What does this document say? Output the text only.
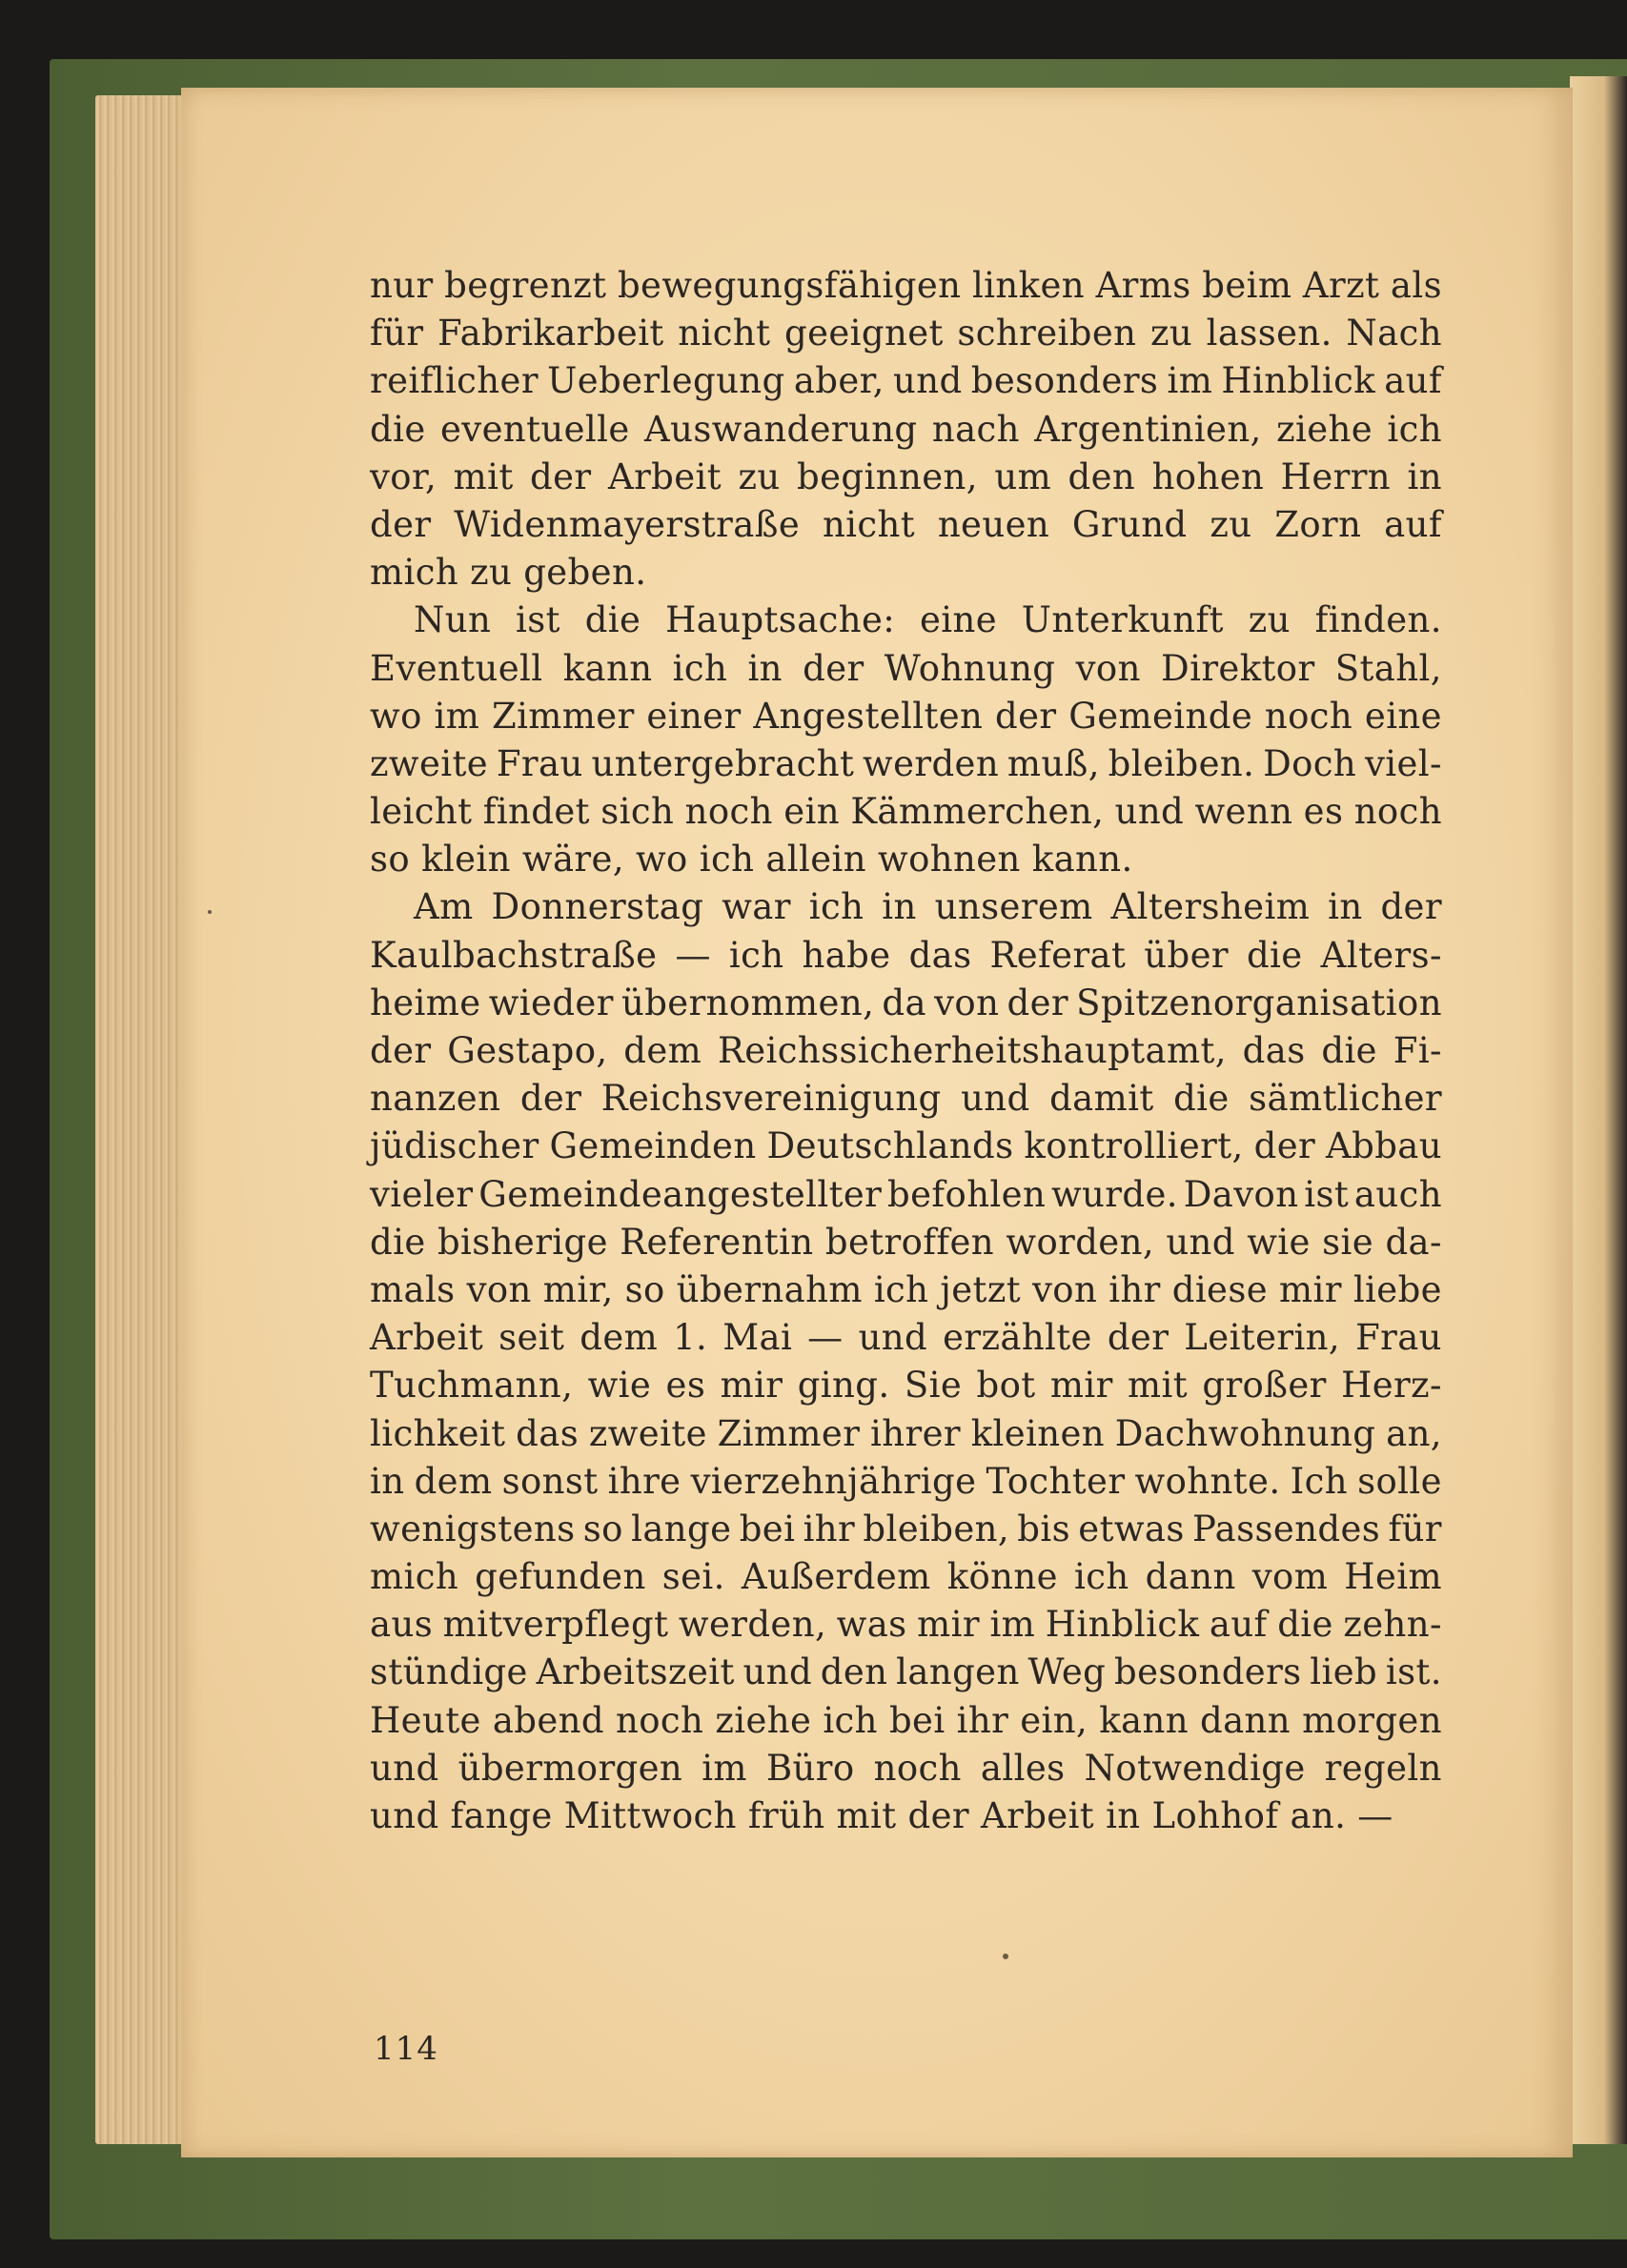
nur begrenzt bewegungsfähigen linken Arms beim Arzt als
für Fabrikarbeit nicht geeignet schreiben zu lassen. Nach
reiflicher Ueberlegung aber, und besonders im Hinblick auf
die eventuelle Auswanderung nach Argentinien, ziehe ich
vor, mit der Arbeit zu beginnen, um den hohen Herrn in
der Widenmayerstraße nicht neuen Grund zu Zorn auf
mich zu geben.
Nun ist die Hauptsache: eine Unterkunft zu finden.
Eventuell kann ich in der Wohnung von Direktor Stahl,
wo im Zimmer einer Angestellten der Gemeinde noch eine
zweite Frau untergebracht werden muß, bleiben. Doch viel-
leicht findet sich noch ein Kämmerchen, und wenn es noch
so klein wäre, wo ich allein wohnen kann.
Am Donnerstag war ich in unserem Altersheim in der
Kaulbachstraße — ich habe das Referat über die Alters-
heime wieder übernommen, da von der Spitzenorganisation
der Gestapo, dem Reichssicherheitshauptamt, das die Fi-
nanzen der Reichsvereinigung und damit die sämtlicher
jüdischer Gemeinden Deutschlands kontrolliert, der Abbau
vieler Gemeindeangestellter befohlen wurde. Davon ist auch
die bisherige Referentin betroffen worden, und wie sie da-
mals von mir, so übernahm ich jetzt von ihr diese mir liebe
Arbeit seit dem 1. Mai — und erzählte der Leiterin, Frau
Tuchmann, wie es mir ging. Sie bot mir mit großer Herz-
lichkeit das zweite Zimmer ihrer kleinen Dachwohnung an,
in dem sonst ihre vierzehnjährige Tochter wohnte. Ich solle
wenigstens so lange bei ihr bleiben, bis etwas Passendes für
mich gefunden sei. Außerdem könne ich dann vom Heim
aus mitverpflegt werden, was mir im Hinblick auf die zehn-
stündige Arbeitszeit und den langen Weg besonders lieb ist.
Heute abend noch ziehe ich bei ihr ein, kann dann morgen
und übermorgen im Büro noch alles Notwendige regeln
und fange Mittwoch früh mit der Arbeit in Lohhof an. —
114
